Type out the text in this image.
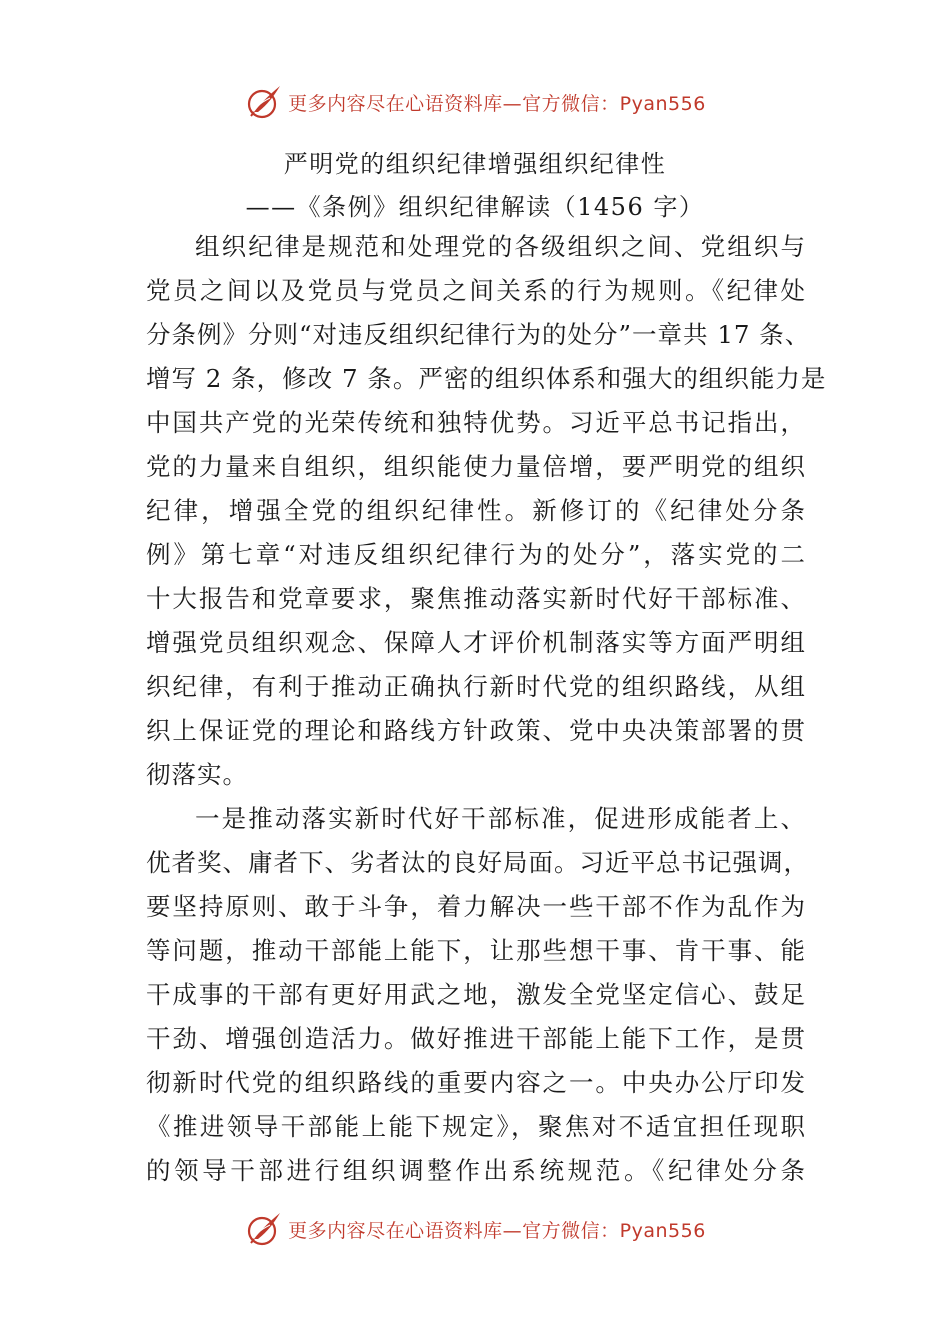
更多内容尽在心语资料库—官方微信：Pyan556
严明党的组织纪律增强组织纪律性
——《条例》组织纪律解读（1456 字）
组织纪律是规范和处理党的各级组织之间、党组织与
党员之间以及党员与党员之间关系的行为规则。《纪律处
分条例》分则“对违反组织纪律行为的处分”一章共 17 条、
增写 2 条，修改 7 条。严密的组织体系和强大的组织能力是
中国共产党的光荣传统和独特优势。习近平总书记指出，
党的力量来自组织，组织能使力量倍增，要严明党的组织
纪律，增强全党的组织纪律性。新修订的《纪律处分条
例》第七章“对违反组织纪律行为的处分”，落实党的二
十大报告和党章要求，聚焦推动落实新时代好干部标准、
增强党员组织观念、保障人才评价机制落实等方面严明组
织纪律，有利于推动正确执行新时代党的组织路线，从组
织上保证党的理论和路线方针政策、党中央决策部署的贯
彻落实。
一是推动落实新时代好干部标准，促进形成能者上、
优者奖、庸者下、劣者汰的良好局面。习近平总书记强调，
要坚持原则、敢于斗争，着力解决一些干部不作为乱作为
等问题，推动干部能上能下，让那些想干事、肯干事、能
干成事的干部有更好用武之地，激发全党坚定信心、鼓足
干劲、增强创造活力。做好推进干部能上能下工作，是贯
彻新时代党的组织路线的重要内容之一。中央办公厅印发
《推进领导干部能上能下规定》，聚焦对不适宜担任现职
的领导干部进行组织调整作出系统规范。《纪律处分条
更多内容尽在心语资料库—官方微信：Pyan556
